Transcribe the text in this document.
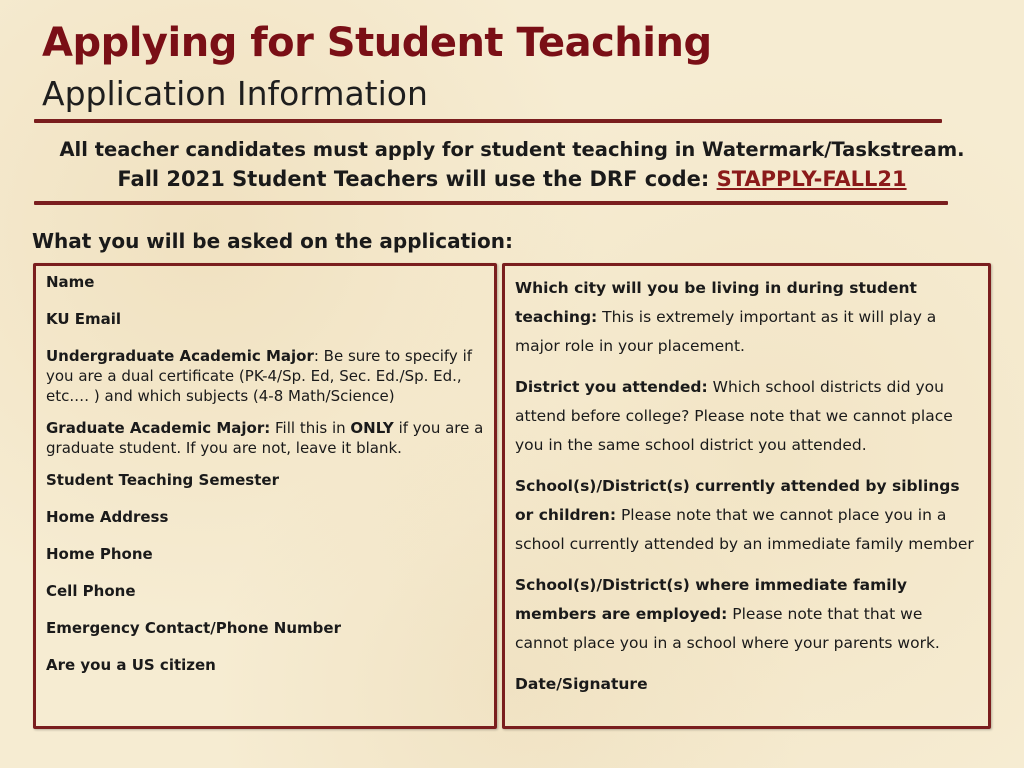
Applying for Student Teaching
Application Information
All teacher candidates must apply for student teaching in Watermark/Taskstream.
Fall 2021 Student Teachers will use the DRF code: STAPPLY-FALL21
What you will be asked on the application:
Name
KU Email
Undergraduate Academic Major: Be sure to specify if you are a dual certificate (PK-4/Sp. Ed, Sec. Ed./Sp. Ed., etc.… ) and which subjects (4-8 Math/Science)
Graduate Academic Major: Fill this in ONLY if you are a graduate student. If you are not, leave it blank.
Student Teaching Semester
Home Address
Home Phone
Cell Phone
Emergency Contact/Phone Number
Are you a US citizen
Which city will you be living in during student teaching: This is extremely important as it will play a major role in your placement.
District you attended: Which school districts did you attend before college? Please note that we cannot place you in the same school district you attended.
School(s)/District(s) currently attended by siblings or children: Please note that we cannot place you in a school currently attended by an immediate family member
School(s)/District(s) where immediate family members are employed: Please note that that we cannot place you in a school where your parents work.
Date/Signature
